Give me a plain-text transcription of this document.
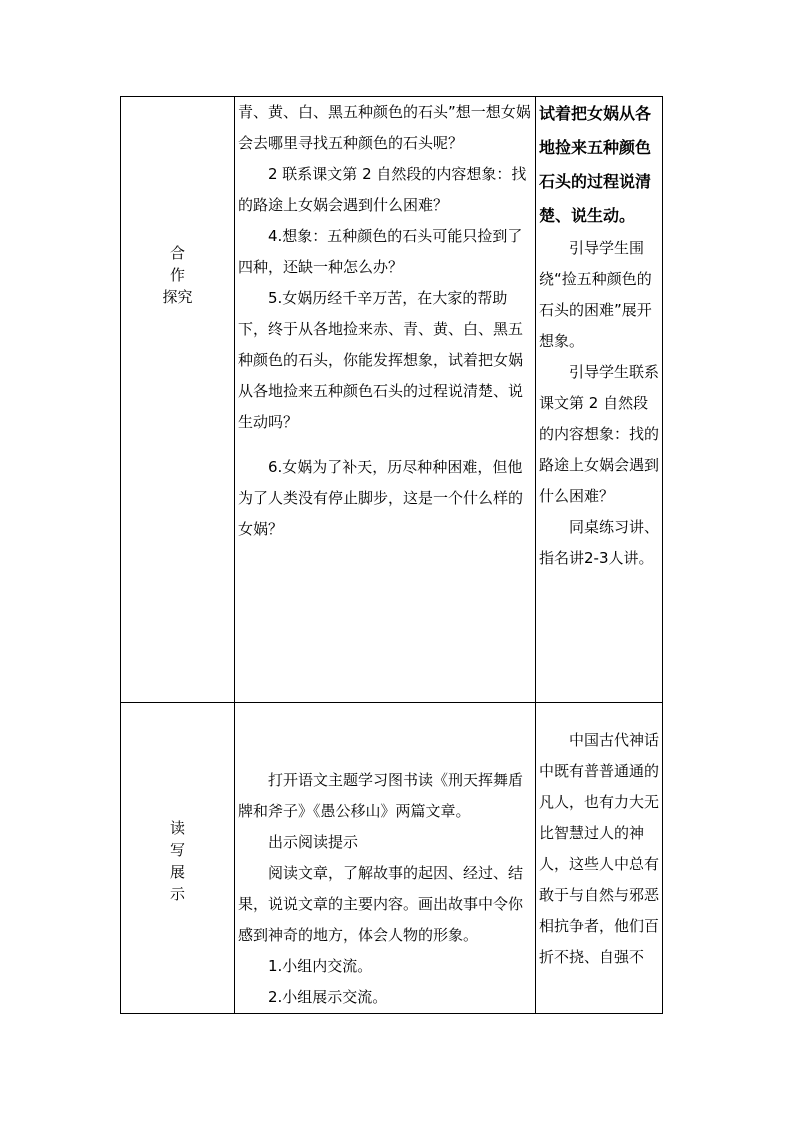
合
作
探究

青、黄、白、黑五种颜色的石头”想一想女娲会去哪里寻找五种颜色的石头呢？

2 联系课文第 2 自然段的内容想象：找的路途上女娲会遇到什么困难？

4.想象：五种颜色的石头可能只捡到了四种，还缺一种怎么办？

5.女娲历经千辛万苦，在大家的帮助下，终于从各地捡来赤、青、黄、白、黑五种颜色的石头，你能发挥想象，试着把女娲从各地捡来五种颜色石头的过程说清楚、说生动吗？

6.女娲为了补天，历尽种种困难，但他为了人类没有停止脚步，这是一个什么样的女娲？

试着把女娲从各地捡来五种颜色石头的过程说清楚、说生动。

引导学生围绕“捡五种颜色的石头的困难”展开想象。

引导学生联系课文第 2 自然段的内容想象：找的路途上女娲会遇到什么困难？

同桌练习讲、指名讲2-3人讲。

读
写
展
示

打开语文主题学习图书读《刑天挥舞盾牌和斧子》《愚公移山》两篇文章。

出示阅读提示

阅读文章，了解故事的起因、经过、结果，说说文章的主要内容。画出故事中令你感到神奇的地方，体会人物的形象。

1.小组内交流。

2.小组展示交流。

中国古代神话中既有普普通通的凡人，也有力大无比智慧过人的神人，这些人中总有敢于与自然与邪恶相抗争者，他们百折不挠、自强不
